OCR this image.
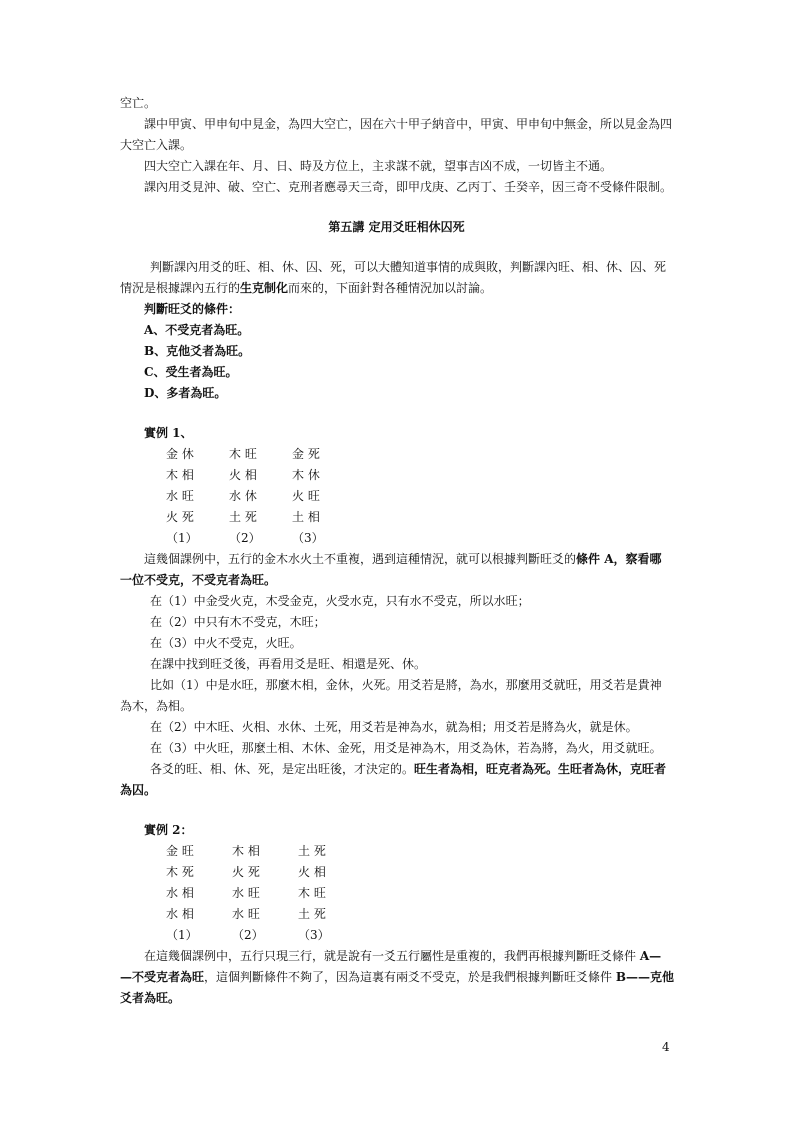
空亡。
課中甲寅、甲申旬中見金，為四大空亡，因在六十甲子納音中，甲寅、甲申旬中無金，所以見金為四
大空亡入課。
四大空亡入課在年、月、日、時及方位上，主求謀不就，望事吉凶不成，一切皆主不通。
課內用爻見沖、破、空亡、克刑者應尋天三奇，即甲戊庚、乙丙丁、壬癸辛，因三奇不受條件限制。
第五講 定用爻旺相休囚死
判斷課內用爻的旺、相、休、囚、死，可以大體知道事情的成與敗，判斷課內旺、相、休、囚、死
情況是根據課內五行的生克制化而來的，下面針對各種情況加以討論。
判斷旺爻的條件：
A、不受克者為旺。
B、克他爻者為旺。
C、受生者為旺。
D、多者為旺。
實例 1、
金 休	木 旺	金 死
木 相	火 相	木 休
水 旺	水 休	火 旺
火 死	土 死	土 相
（1）	（2）	（3）
這幾個課例中，五行的金木水火土不重複，遇到這種情況，就可以根據判斷旺爻的條件 A，察看哪
一位不受克，不受克者為旺。
在（1）中金受火克，木受金克，火受水克，只有水不受克，所以水旺；
在（2）中只有木不受克，木旺；
在（3）中火不受克，火旺。
在課中找到旺爻後，再看用爻是旺、相還是死、休。
比如（1）中是水旺，那麼木相，金休，火死。用爻若是將，為水，那麼用爻就旺，用爻若是貴神
為木，為相。
在（2）中木旺、火相、水休、土死，用爻若是神為水，就為相；用爻若是將為火，就是休。
在（3）中火旺，那麼土相、木休、金死，用爻是神為木，用爻為休，若為將，為火，用爻就旺。
各爻的旺、相、休、死，是定出旺後，才決定的。旺生者為相，旺克者為死。生旺者為休，克旺者
為囚。
實例 2：
金 旺	木 相	土 死
木 死	火 死	火 相
水 相	水 旺	木 旺
水 相	水 旺	土 死
（1）	（2）	（3）
在這幾個課例中，五行只現三行，就是說有一爻五行屬性是重複的，我們再根據判斷旺爻條件 A—
—不受克者為旺，這個判斷條件不夠了，因為這裏有兩爻不受克，於是我們根據判斷旺爻條件 B——克他
爻者為旺。
4
